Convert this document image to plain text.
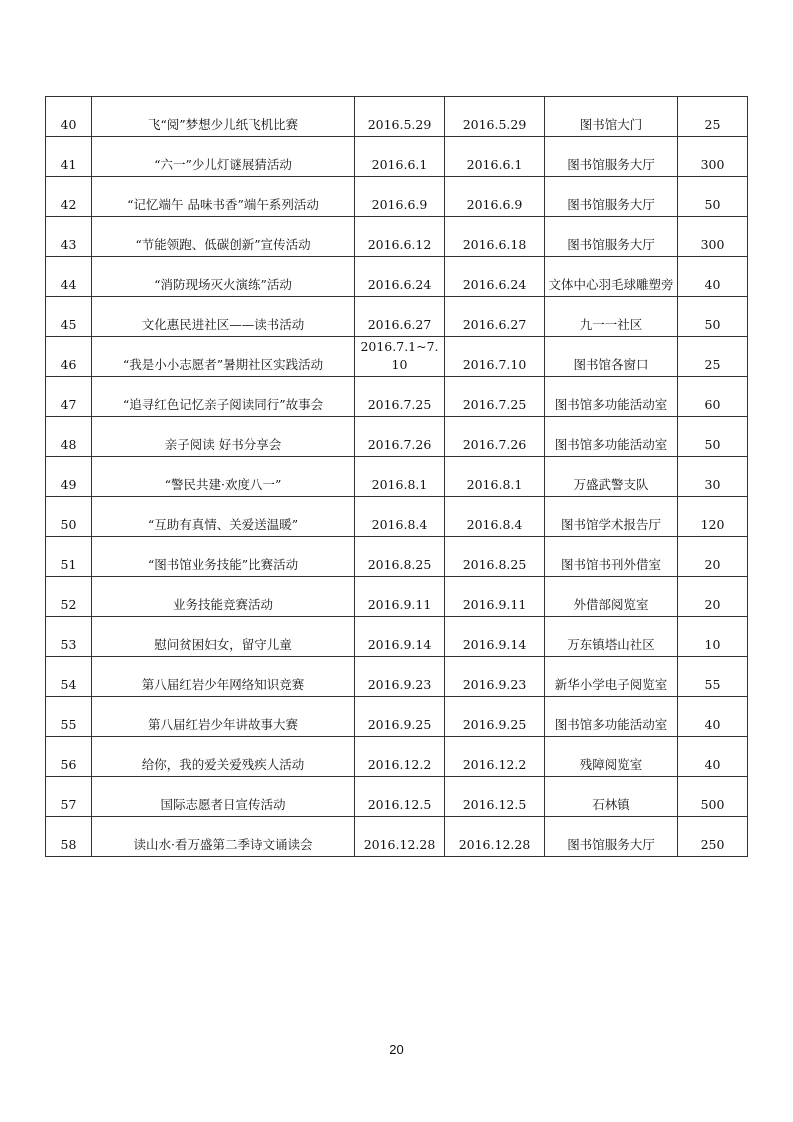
40	飞“阅”梦想少儿纸飞机比赛	2016.5.29	2016.5.29	图书馆大门	25
41	“六一”少儿灯谜展猜活动	2016.6.1	2016.6.1	图书馆服务大厅	300
42	“记忆端午 品味书香”端午系列活动	2016.6.9	2016.6.9	图书馆服务大厅	50
43	“节能领跑、低碳创新”宣传活动	2016.6.12	2016.6.18	图书馆服务大厅	300
44	“消防现场灭火演练”活动	2016.6.24	2016.6.24	文体中心羽毛球雕塑旁	40
45	文化惠民进社区——读书活动	2016.6.27	2016.6.27	九一一社区	50
46	“我是小小志愿者”暑期社区实践活动	2016.7.1~7.10	2016.7.10	图书馆各窗口	25
47	“追寻红色记忆亲子阅读同行”故事会	2016.7.25	2016.7.25	图书馆多功能活动室	60
48	亲子阅读 好书分享会	2016.7.26	2016.7.26	图书馆多功能活动室	50
49	“警民共建·欢度八一”	2016.8.1	2016.8.1	万盛武警支队	30
50	“互助有真情、关爱送温暖”	2016.8.4	2016.8.4	图书馆学术报告厅	120
51	“图书馆业务技能”比赛活动	2016.8.25	2016.8.25	图书馆书刊外借室	20
52	业务技能竞赛活动	2016.9.11	2016.9.11	外借部阅览室	20
53	慰问贫困妇女，留守儿童	2016.9.14	2016.9.14	万东镇塔山社区	10
54	第八届红岩少年网络知识竞赛	2016.9.23	2016.9.23	新华小学电子阅览室	55
55	第八届红岩少年讲故事大赛	2016.9.25	2016.9.25	图书馆多功能活动室	40
56	给你，我的爱关爱残疾人活动	2016.12.2	2016.12.2	残障阅览室	40
57	国际志愿者日宣传活动	2016.12.5	2016.12.5	石林镇	500
58	读山水·看万盛第二季诗文诵读会	2016.12.28	2016.12.28	图书馆服务大厅	250
20
